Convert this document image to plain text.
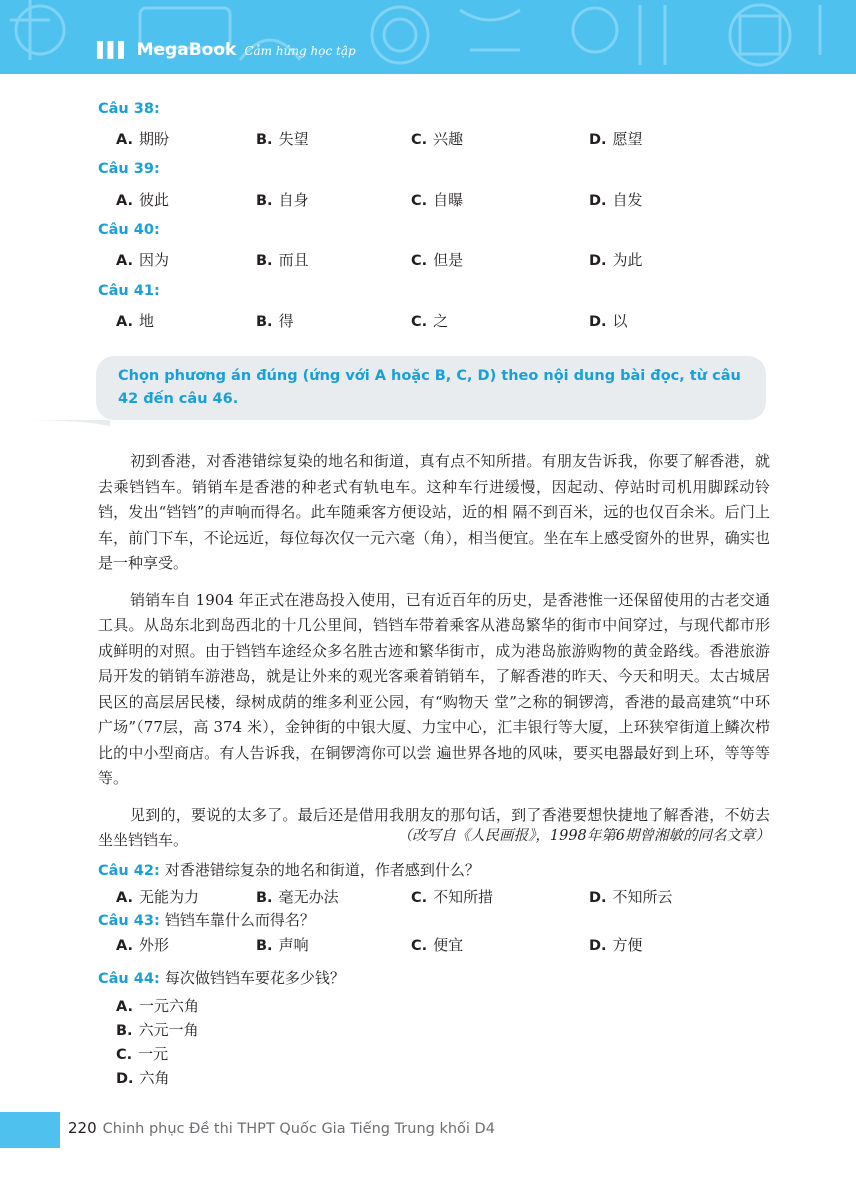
▌▌▌ MegaBook Cảm hứng học tập
Câu 38:
A. 期盼	B. 失望	C. 兴趣	D. 愿望
Câu 39:
A. 彼此	B. 自身	C. 自曝	D. 自发
Câu 40:
A. 因为	B. 而且	C. 但是	D. 为此
Câu 41:
A. 地	B. 得	C. 之	D. 以
Chọn phương án đúng (ứng với A hoặc B, C, D) theo nội dung bài đọc, từ câu 42 đến câu 46.

初到香港，对香港错综复染的地名和街道，真有点不知所措。有朋友告诉我，你要了解香港，就去乘铛铛车。销销车是香港的种老式有轨电车。这种车行进缓慢，因起动、停站时司机用脚踩动铃铛，发出“铛铛”的声响而得名。此车随乘客方便设站，近的相 隔不到百米，远的也仅百余米。后门上车，前门下车，不论远近，每位每次仅一元六毫（角），相当便宜。坐在车上感受窗外的世界，确实也是一种享受。

销销车自 1904 年正式在港岛投入使用，已有近百年的历史，是香港惟一还保留使用的古老交通工具。从岛东北到岛西北的十几公里间，铛铛车带着乘客从港岛繁华的街市中间穿过，与现代都市形成鲜明的对照。由于铛铛车途经众多名胜古迹和繁华街市，成为港岛旅游购物的黄金路线。香港旅游局开发的销销车游港岛，就是让外来的观光客乘着销销车，了解香港的昨天、今天和明天。太古城居民区的高层居民楼，绿树成荫的维多利亚公园，有“购物天 堂”之称的铜锣湾，香港的最高建筑“中环广场”（77层，高 374 米），金钟街的中银大厦、力宝中心，汇丰银行等大厦，上环狭窄街道上鳞次栉比的中小型商店。有人告诉我，在铜锣湾你可以尝 遍世界各地的风味，要买电器最好到上环，等等等等。

见到的，要说的太多了。最后还是借用我朋友的那句话，到了香港要想快捷地了解香港，不妨去坐坐铛铛车。	（改写自《人民画报》，1998年第6期曾湘敏的同名文章）
Câu 42: 对香港错综复杂的地名和街道，作者感到什么？
A. 无能为力	B. 毫无办法	C. 不知所措	D. 不知所云
Câu 43: 铛铛车靠什么而得名？
A. 外形	B. 声响	C. 便宜	D. 方便
Câu 44: 每次做铛铛车要花多少钱？
A. 一元六角
B. 六元一角
C. 一元
D. 六角
220 Chinh phục Đề thi THPT Quốc Gia Tiếng Trung khối D4
